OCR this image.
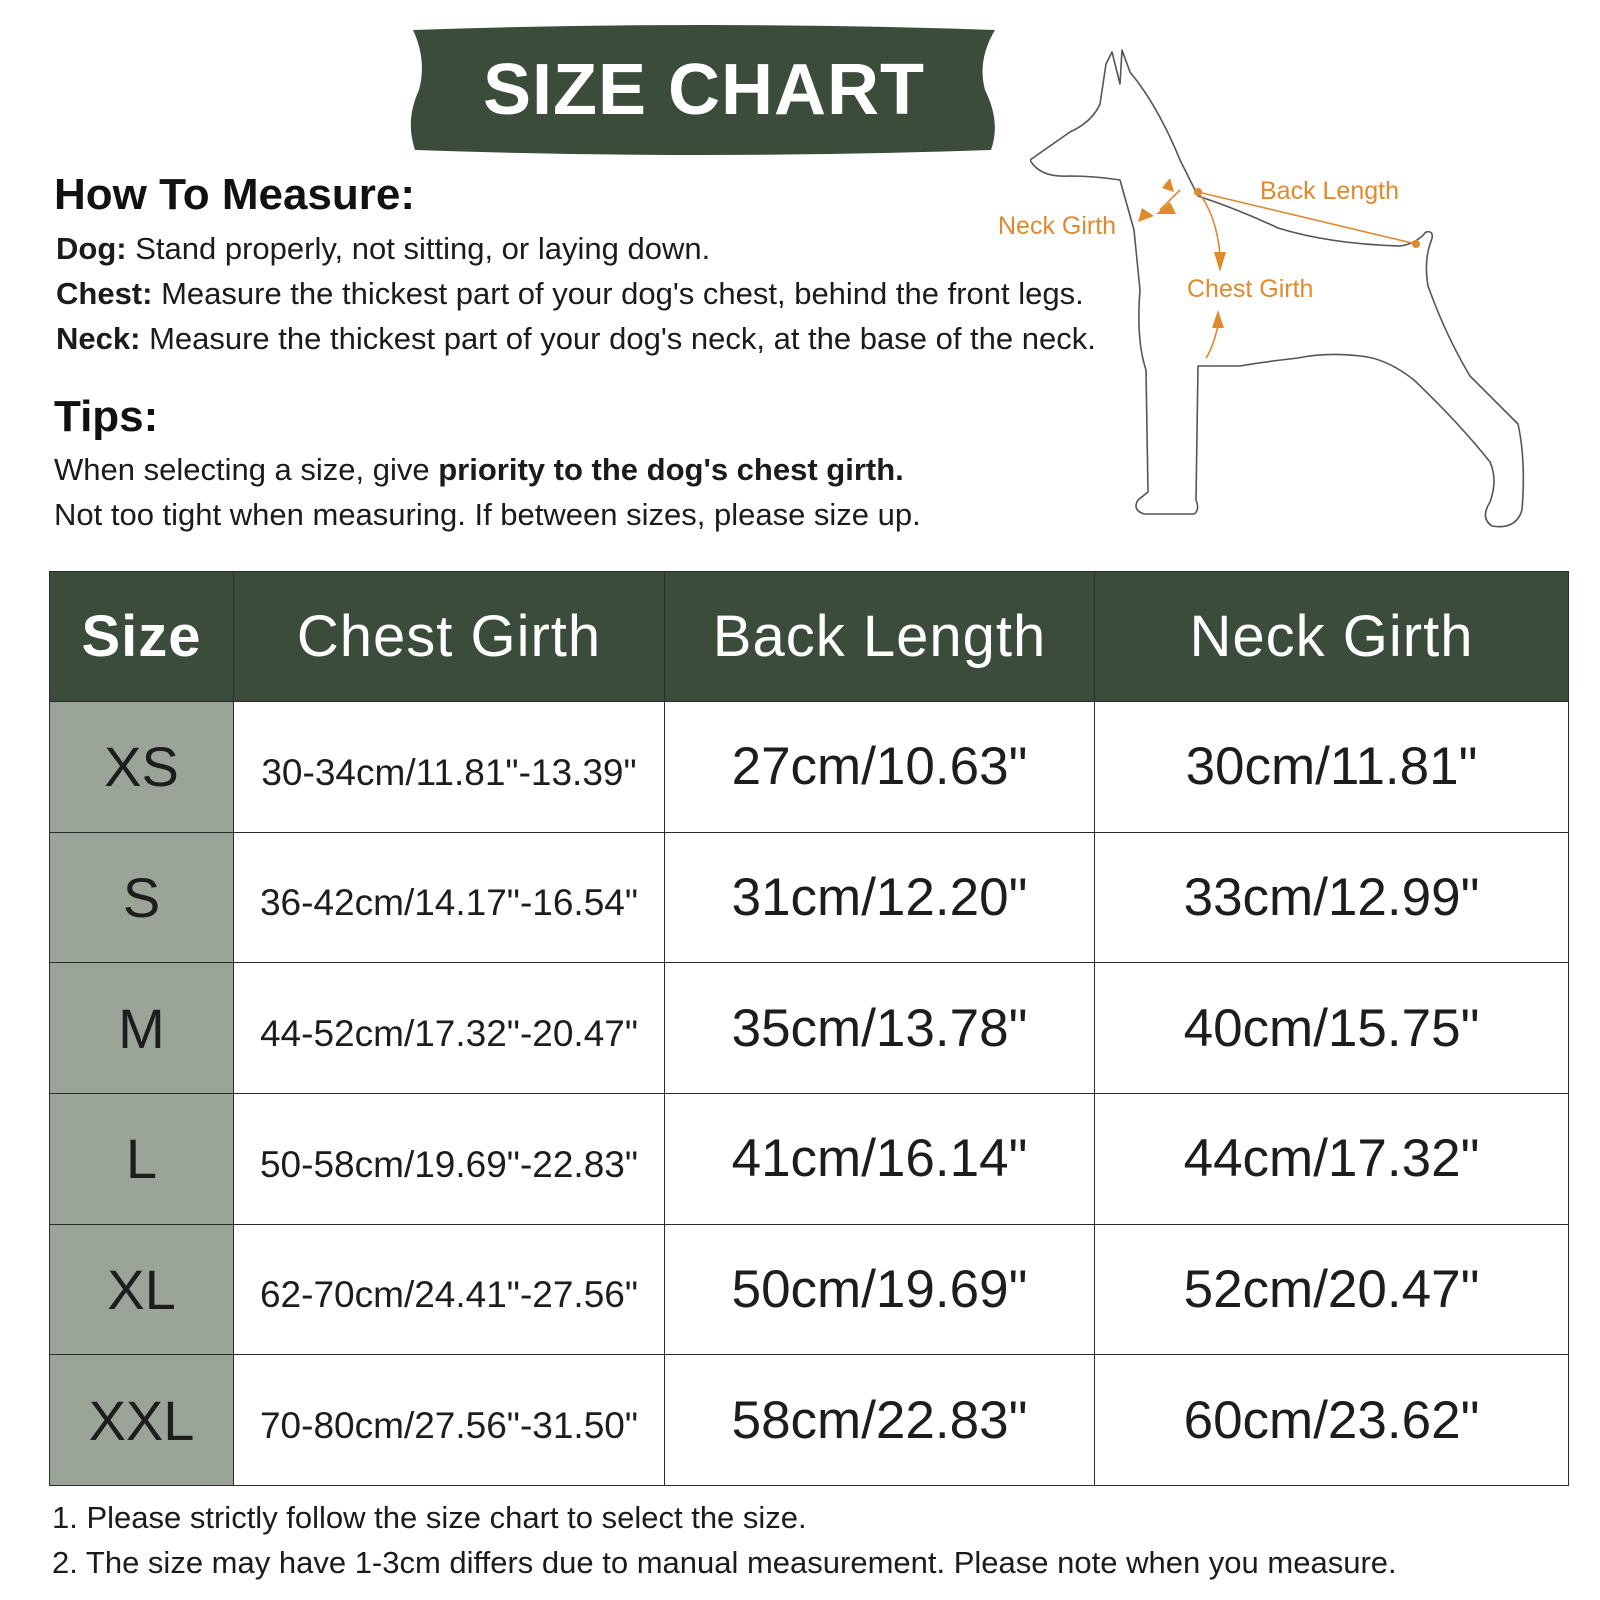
SIZE CHART
How To Measure:
Dog: Stand properly, not sitting, or laying down.
Chest: Measure the thickest part of your dog's chest, behind the front legs.
Neck: Measure the thickest part of your dog's neck, at the base of the neck.
Tips:
When selecting a size, give priority to the dog's chest girth.
Not too tight when measuring. If between sizes, please size up.
Back Length
Neck Girth
Chest Girth
Size	Chest Girth	Back Length	Neck Girth
XS	30-34cm/11.81"-13.39"	27cm/10.63"	30cm/11.81"
S	36-42cm/14.17"-16.54"	31cm/12.20"	33cm/12.99"
M	44-52cm/17.32"-20.47"	35cm/13.78"	40cm/15.75"
L	50-58cm/19.69"-22.83"	41cm/16.14"	44cm/17.32"
XL	62-70cm/24.41"-27.56"	50cm/19.69"	52cm/20.47"
XXL	70-80cm/27.56"-31.50"	58cm/22.83"	60cm/23.62"
1. Please strictly follow the size chart to select the size.
2. The size may have 1-3cm differs due to manual measurement. Please note when you measure.
